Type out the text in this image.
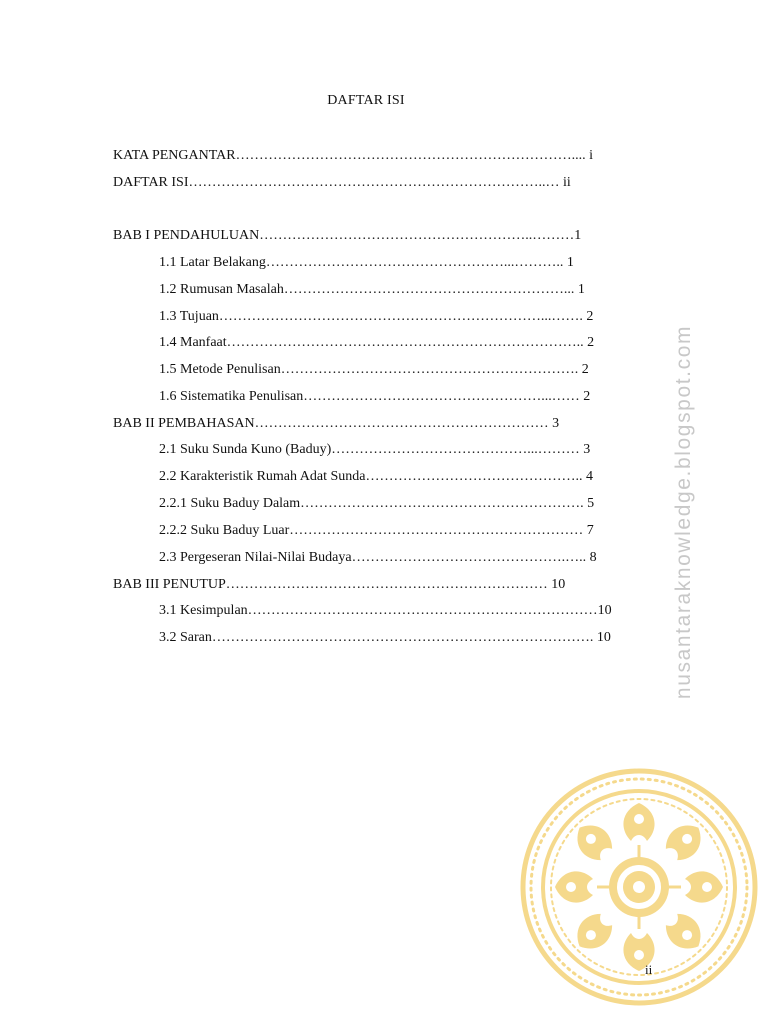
DAFTAR ISI
KATA PENGANTAR……………………………………………………………….... i
DAFTAR ISI…………………………………………………………………..… ii
BAB I PENDAHULUAN…………………………………………………..………1
1.1 Latar Belakang……………………………………………...……….. 1
1.2 Rumusan Masalah……………………………………………………... 1
1.3 Tujuan……………………………………………………………...……. 2
1.4 Manfaat………………………………………………………………….. 2
1.5 Metode Penulisan………………………………………………………. 2
1.6 Sistematika Penulisan……………………………………………...…… 2
BAB II PEMBAHASAN……………………………………………………… 3
2.1 Suku Sunda Kuno (Baduy)……………………………………...……… 3
2.2 Karakteristik Rumah Adat Sunda……………………………………….. 4
2.2.1 Suku Baduy Dalam……………………………………………………. 5
2.2.2 Suku Baduy Luar……………………………………………………… 7
2.3 Pergeseran Nilai-Nilai Budaya……………………………………….….. 8
BAB III PENUTUP…………………………………………………………… 10
3.1 Kesimpulan…………………………………………………………………10
3.2 Saran………………………………………………………………………. 10	nusantaraknowledge.blogspot.com
ii
